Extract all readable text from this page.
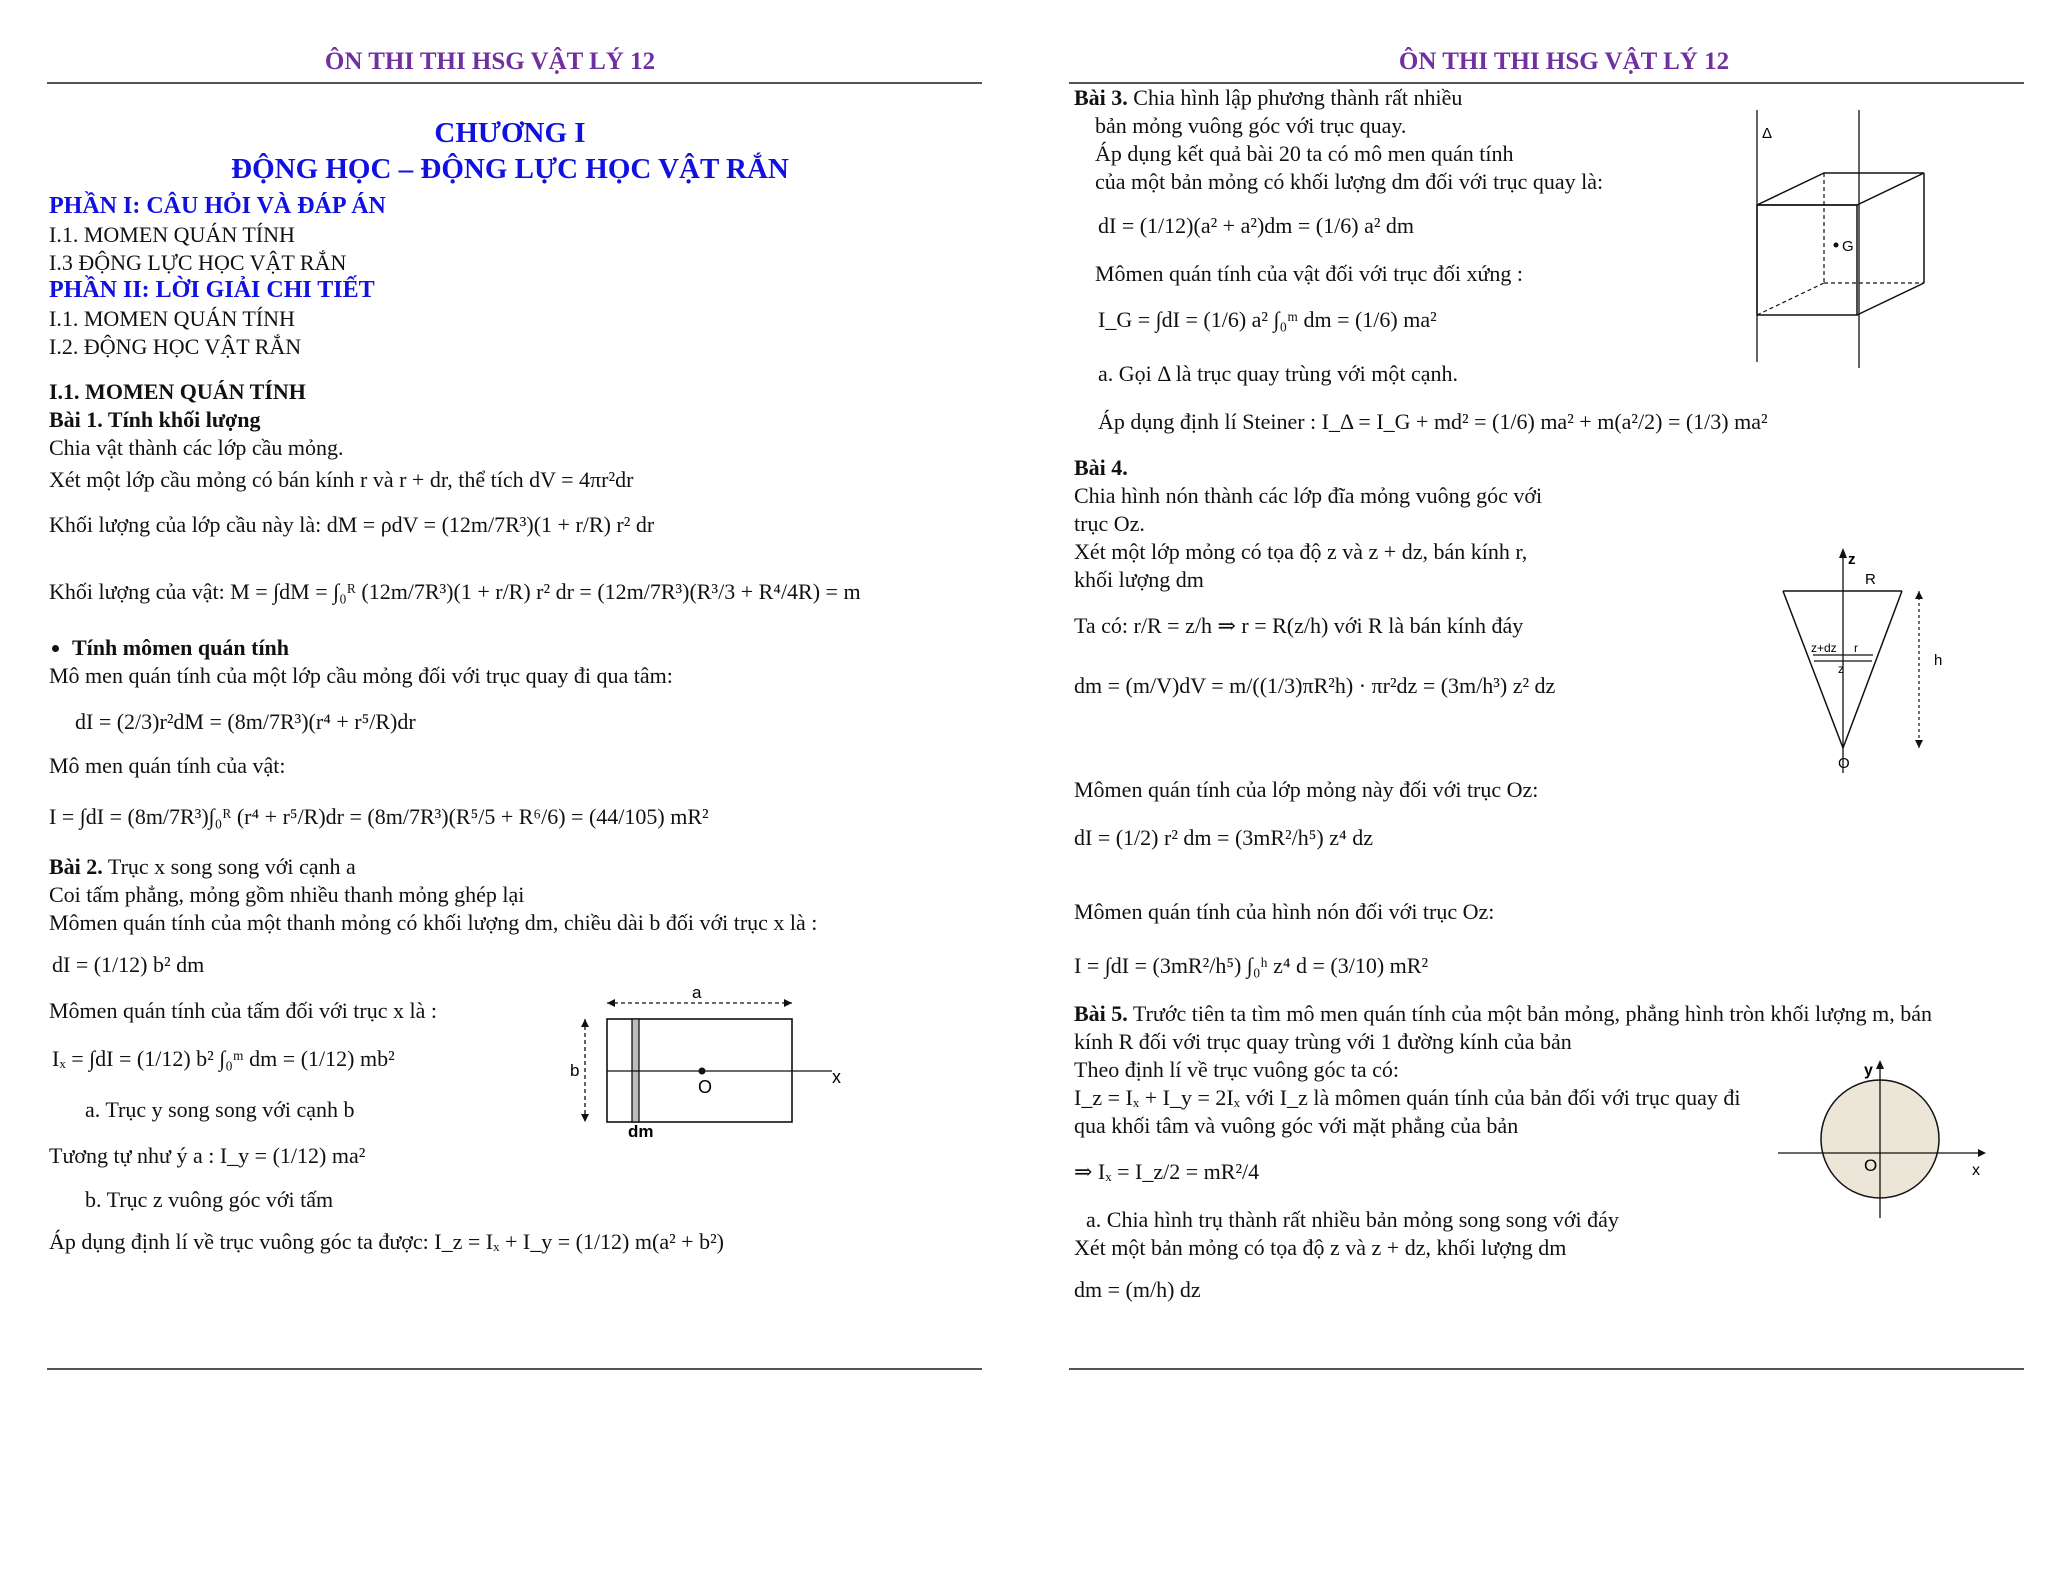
ÔN THI THI HSG VẬT LÝ 12
CHƯƠNG I
ĐỘNG HỌC – ĐỘNG LỰC HỌC VẬT RẮN
PHẦN I: CÂU HỎI VÀ ĐÁP ÁN
I.1. MOMEN QUÁN TÍNH
I.3 ĐỘNG LỰC HỌC VẬT RẮN
PHẦN II: LỜI GIẢI CHI TIẾT
I.1. MOMEN QUÁN TÍNH
I.2. ĐỘNG HỌC VẬT RẮN
I.1. MOMEN QUÁN TÍNH
Bài 1. Tính khối lượng
Chia vật thành các lớp cầu mỏng.
Xét một lớp cầu mỏng có bán kính r và r + dr, thể tích dV = 4πr²dr
Khối lượng của lớp cầu này là: dM = ρdV = (12m/7R³)(1 + r/R) r² dr
Khối lượng của vật: M = ∫dM = ∫₀ᴿ (12m/7R³)(1 + r/R) r² dr = (12m/7R³)(R³/3 + R⁴/4R) = m
Tính mômen quán tính
Mô men quán tính của một lớp cầu mỏng đối với trục quay đi qua tâm:
dI = (2/3)r²dM = (8m/7R³)(r⁴ + r⁵/R)dr
Mô men quán tính của vật:
I = ∫dI = (8m/7R³)∫₀ᴿ (r⁴ + r⁵/R)dr = (8m/7R³)(R⁵/5 + R⁶/6) = (44/105) mR²
Bài 2. Trục x song song với cạnh a
Coi tấm phẳng, mỏng gồm nhiều thanh mỏng ghép lại
Mômen quán tính của một thanh mỏng có khối lượng dm, chiều dài b đối với trục x là :
dI = (1/12) b² dm
Mômen quán tính của tấm đối với trục x là :
Iₓ = ∫dI = (1/12) b² ∫₀ᵐ dm = (1/12) mb²
a. Trục y song song với cạnh b
Tương tự như ý a : I_y = (1/12) ma²
b. Trục z vuông góc với tấm
Áp dụng định lí về trục vuông góc ta được: I_z = Iₓ + I_y = (1/12) m(a² + b²)
a
b
O	x
dm
ÔN THI THI HSG VẬT LÝ 12
Bài 3. Chia hình lập phương thành rất nhiều
bản mỏng vuông góc với trục quay.
Áp dụng kết quả bài 20 ta có mô men quán tính
của một bản mỏng có khối lượng dm đối với trục quay là:
dI = (1/12)(a² + a²)dm = (1/6) a² dm
Mômen quán tính của vật đối với trục đối xứng :
I_G = ∫dI = (1/6) a² ∫₀ᵐ dm = (1/6) ma²
a. Gọi Δ là trục quay trùng với một cạnh.
Áp dụng định lí Steiner : I_Δ = I_G + md² = (1/6) ma² + m(a²/2) = (1/3) ma²
Δ
G
Bài 4.
Chia hình nón thành các lớp đĩa mỏng vuông góc với
trục Oz.
Xét một lớp mỏng có tọa độ z và z + dz, bán kính r,
khối lượng dm
Ta có: r/R = z/h ⇒ r = R(z/h) với R là bán kính đáy
dm = (m/V)dV = m/((1/3)πR²h) · πr²dz = (3m/h³) z² dz
z
R
z+dz r
z	h
O
Mômen quán tính của lớp mỏng này đối với trục Oz:
dI = (1/2) r² dm = (3mR²/h⁵) z⁴ dz
Mômen quán tính của hình nón đối với trục Oz:
I = ∫dI = (3mR²/h⁵) ∫₀ʰ z⁴ d = (3/10) mR²
Bài 5. Trước tiên ta tìm mô men quán tính của một bản mỏng, phẳng hình tròn khối lượng m, bán
kính R đối với trục quay trùng với 1 đường kính của bản
Theo định lí về trục vuông góc ta có:
I_z = Iₓ + I_y = 2Iₓ với I_z là mômen quán tính của bản đối với trục quay đi
qua khối tâm và vuông góc với mặt phẳng của bản
⇒ Iₓ = I_z/2 = mR²/4
a. Chia hình trụ thành rất nhiều bản mỏng song song với đáy
Xét một bản mỏng có tọa độ z và z + dz, khối lượng dm
dm = (m/h) dz
y
O	x
